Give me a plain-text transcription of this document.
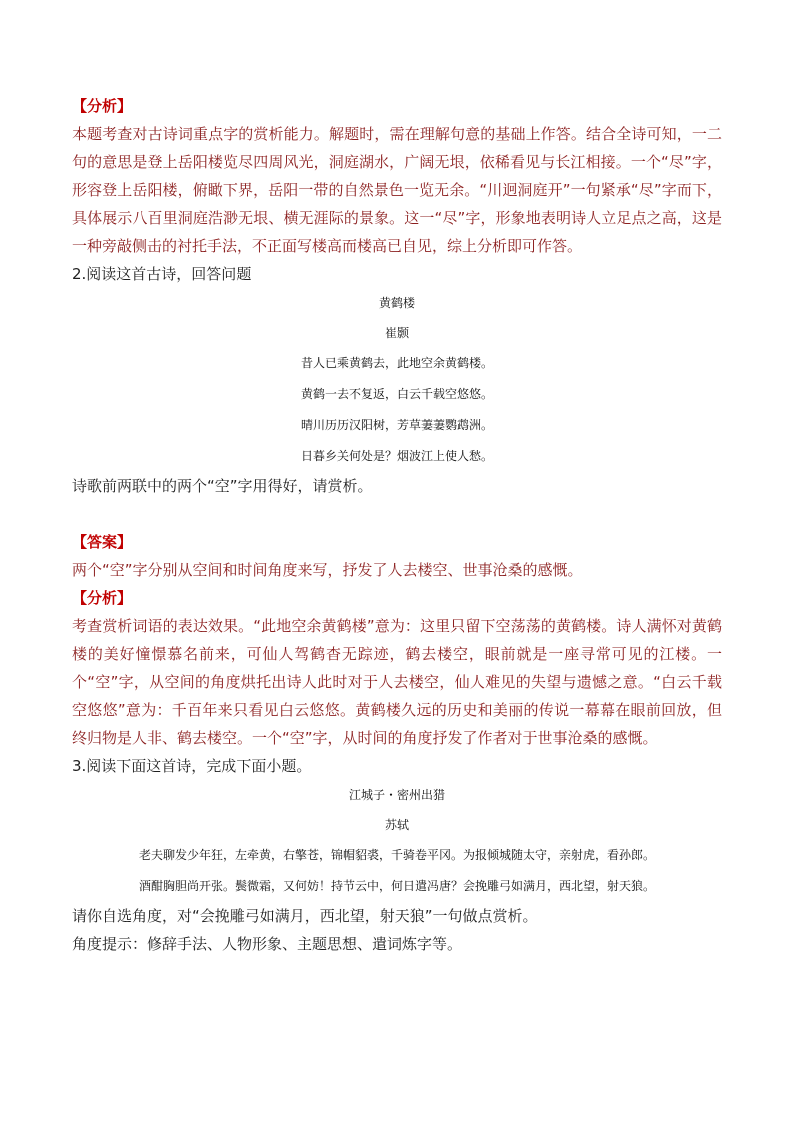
【分析】
本题考查对古诗词重点字的赏析能力。解题时，需在理解句意的基础上作答。结合全诗可知，一二句的意思是登上岳阳楼览尽四周风光，洞庭湖水，广阔无垠，依稀看见与长江相接。一个“尽”字，形容登上岳阳楼，俯瞰下界，岳阳一带的自然景色一览无余。“川迥洞庭开”一句紧承“尽”字而下，具体展示八百里洞庭浩渺无垠、横无涯际的景象。这一“尽”字，形象地表明诗人立足点之高，这是一种旁敲侧击的衬托手法，不正面写楼高而楼高已自见，综上分析即可作答。
2.阅读这首古诗，回答问题
黄鹤楼
崔颢
昔人已乘黄鹤去，此地空余黄鹤楼。
黄鹤一去不复返，白云千载空悠悠。
晴川历历汉阳树，芳草萋萋鹦鹉洲。
日暮乡关何处是？烟波江上使人愁。
诗歌前两联中的两个“空”字用得好，请赏析。
【答案】
两个“空”字分别从空间和时间角度来写，抒发了人去楼空、世事沧桑的感慨。
【分析】
考查赏析词语的表达效果。“此地空余黄鹤楼”意为：这里只留下空荡荡的黄鹤楼。诗人满怀对黄鹤楼的美好憧憬慕名前来，可仙人驾鹤杳无踪迹，鹤去楼空，眼前就是一座寻常可见的江楼。一个“空”字，从空间的角度烘托出诗人此时对于人去楼空，仙人难见的失望与遗憾之意。“白云千载空悠悠”意为：千百年来只看见白云悠悠。黄鹤楼久远的历史和美丽的传说一幕幕在眼前回放，但终归物是人非、鹤去楼空。一个“空”字，从时间的角度抒发了作者对于世事沧桑的感慨。
3.阅读下面这首诗，完成下面小题。
江城子・密州出猎
苏轼
老夫聊发少年狂，左牵黄，右擎苍，锦帽貂裘，千骑卷平冈。为报倾城随太守，亲射虎，看孙郎。
酒酣胸胆尚开张。鬓微霜，又何妨！持节云中，何日遣冯唐？会挽雕弓如满月，西北望，射天狼。
请你自选角度，对“会挽雕弓如满月，西北望，射天狼”一句做点赏析。
角度提示：修辞手法、人物形象、主题思想、遣词炼字等。
